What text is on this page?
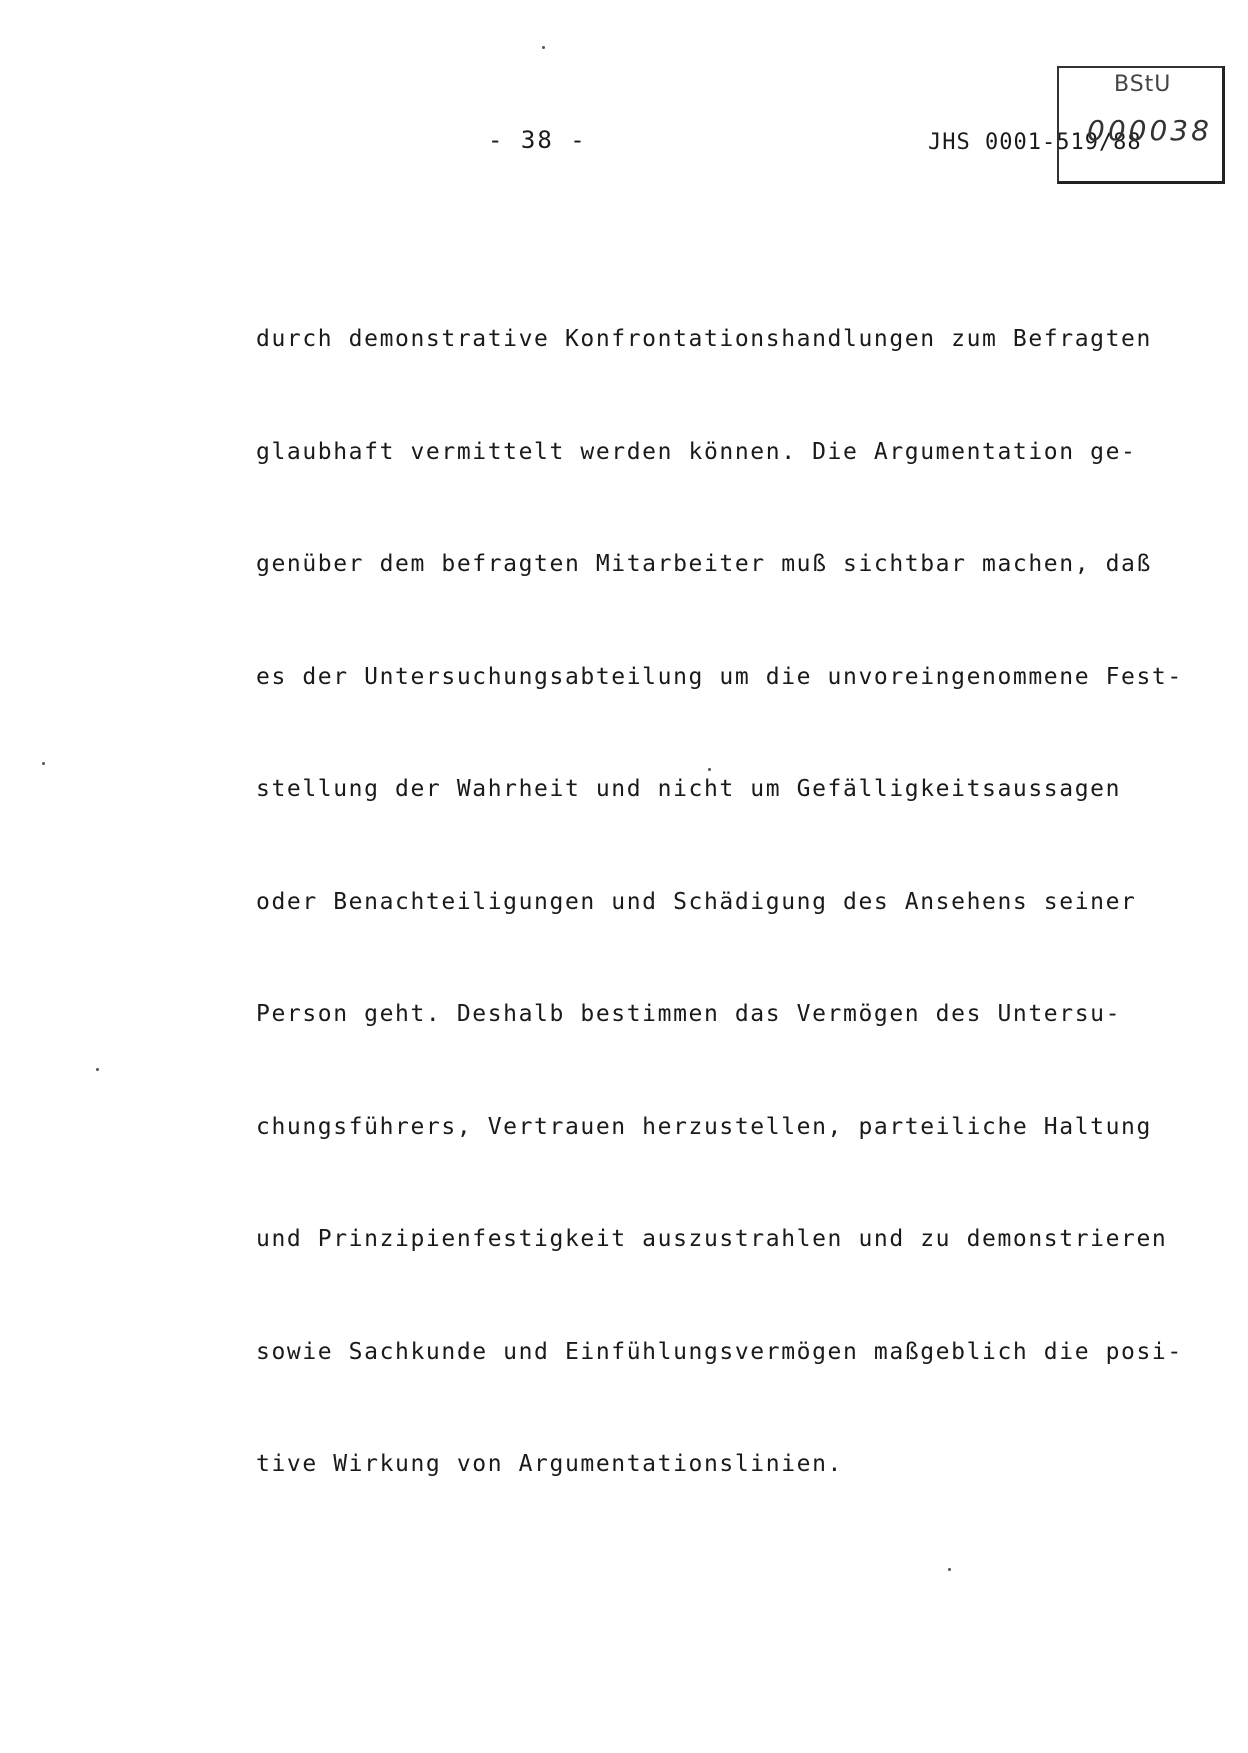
- 38 -	JHS 0001-519/88
BStU
000038

durch demonstrative Konfrontationshandlungen zum Befragten

glaubhaft vermittelt werden können. Die Argumentation ge-

genüber dem befragten Mitarbeiter muß sichtbar machen, daß

es der Untersuchungsabteilung um die unvoreingenommene Fest-

stellung der Wahrheit und nicht um Gefälligkeitsaussagen

oder Benachteiligungen und Schädigung des Ansehens seiner

Person geht. Deshalb bestimmen das Vermögen des Untersu-

chungsführers, Vertrauen herzustellen, parteiliche Haltung

und Prinzipienfestigkeit auszustrahlen und zu demonstrieren

sowie Sachkunde und Einfühlungsvermögen maßgeblich die posi-

tive Wirkung von Argumentationslinien.
